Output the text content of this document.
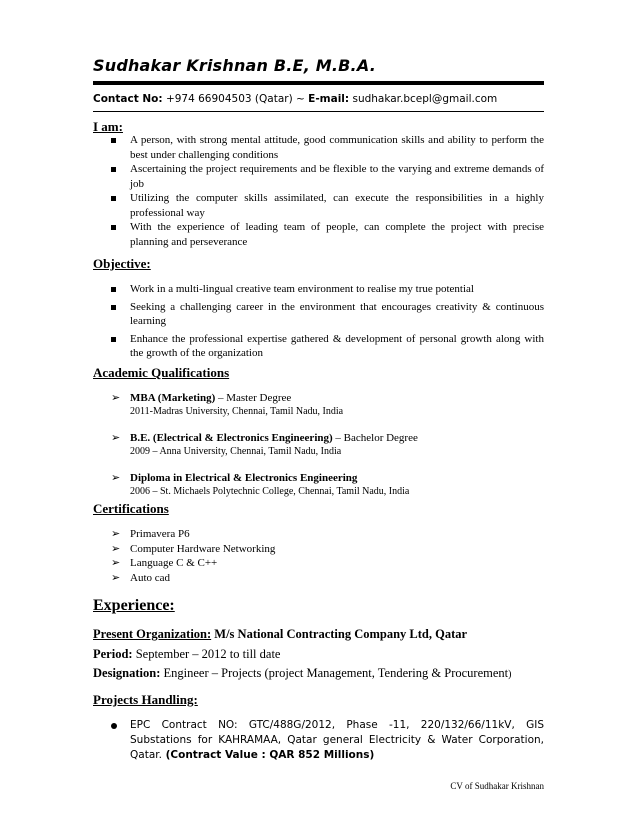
Sudhakar Krishnan B.E, M.B.A.
Contact No: +974 66904503 (Qatar) ~ E-mail: sudhakar.bcepl@gmail.com
I am:
A person, with strong mental attitude, good communication skills and ability to perform the best under challenging conditions
Ascertaining the project requirements and be flexible to the varying and extreme demands of job
Utilizing the computer skills assimilated, can execute the responsibilities in a highly professional way
With the experience of leading team of people, can complete the project with precise planning and perseverance
Objective:
Work in a multi-lingual creative team environment to realise my true potential
Seeking a challenging career in the environment that encourages creativity & continuous learning
Enhance the professional expertise gathered & development of personal growth along with the growth of the organization
Academic Qualifications
➢ MBA (Marketing) – Master Degree
2011-Madras University, Chennai, Tamil Nadu, India
➢ B.E. (Electrical & Electronics Engineering) – Bachelor Degree
2009 – Anna University, Chennai, Tamil Nadu, India
➢ Diploma in Electrical & Electronics Engineering
2006 – St. Michaels Polytechnic College, Chennai, Tamil Nadu, India
Certifications
➢ Primavera P6
➢ Computer Hardware Networking
➢ Language C & C++
➢ Auto cad
Experience:
Present Organization: M/s National Contracting Company Ltd, Qatar
Period: September – 2012 to till date
Designation: Engineer – Projects (project Management, Tendering & Procurement)
Projects Handling:
EPC Contract NO: GTC/488G/2012, Phase -11, 220/132/66/11kV, GIS Substations for KAHRAMAA, Qatar general Electricity & Water Corporation, Qatar. (Contract Value : QAR 852 Millions)
CV of Sudhakar Krishnan
